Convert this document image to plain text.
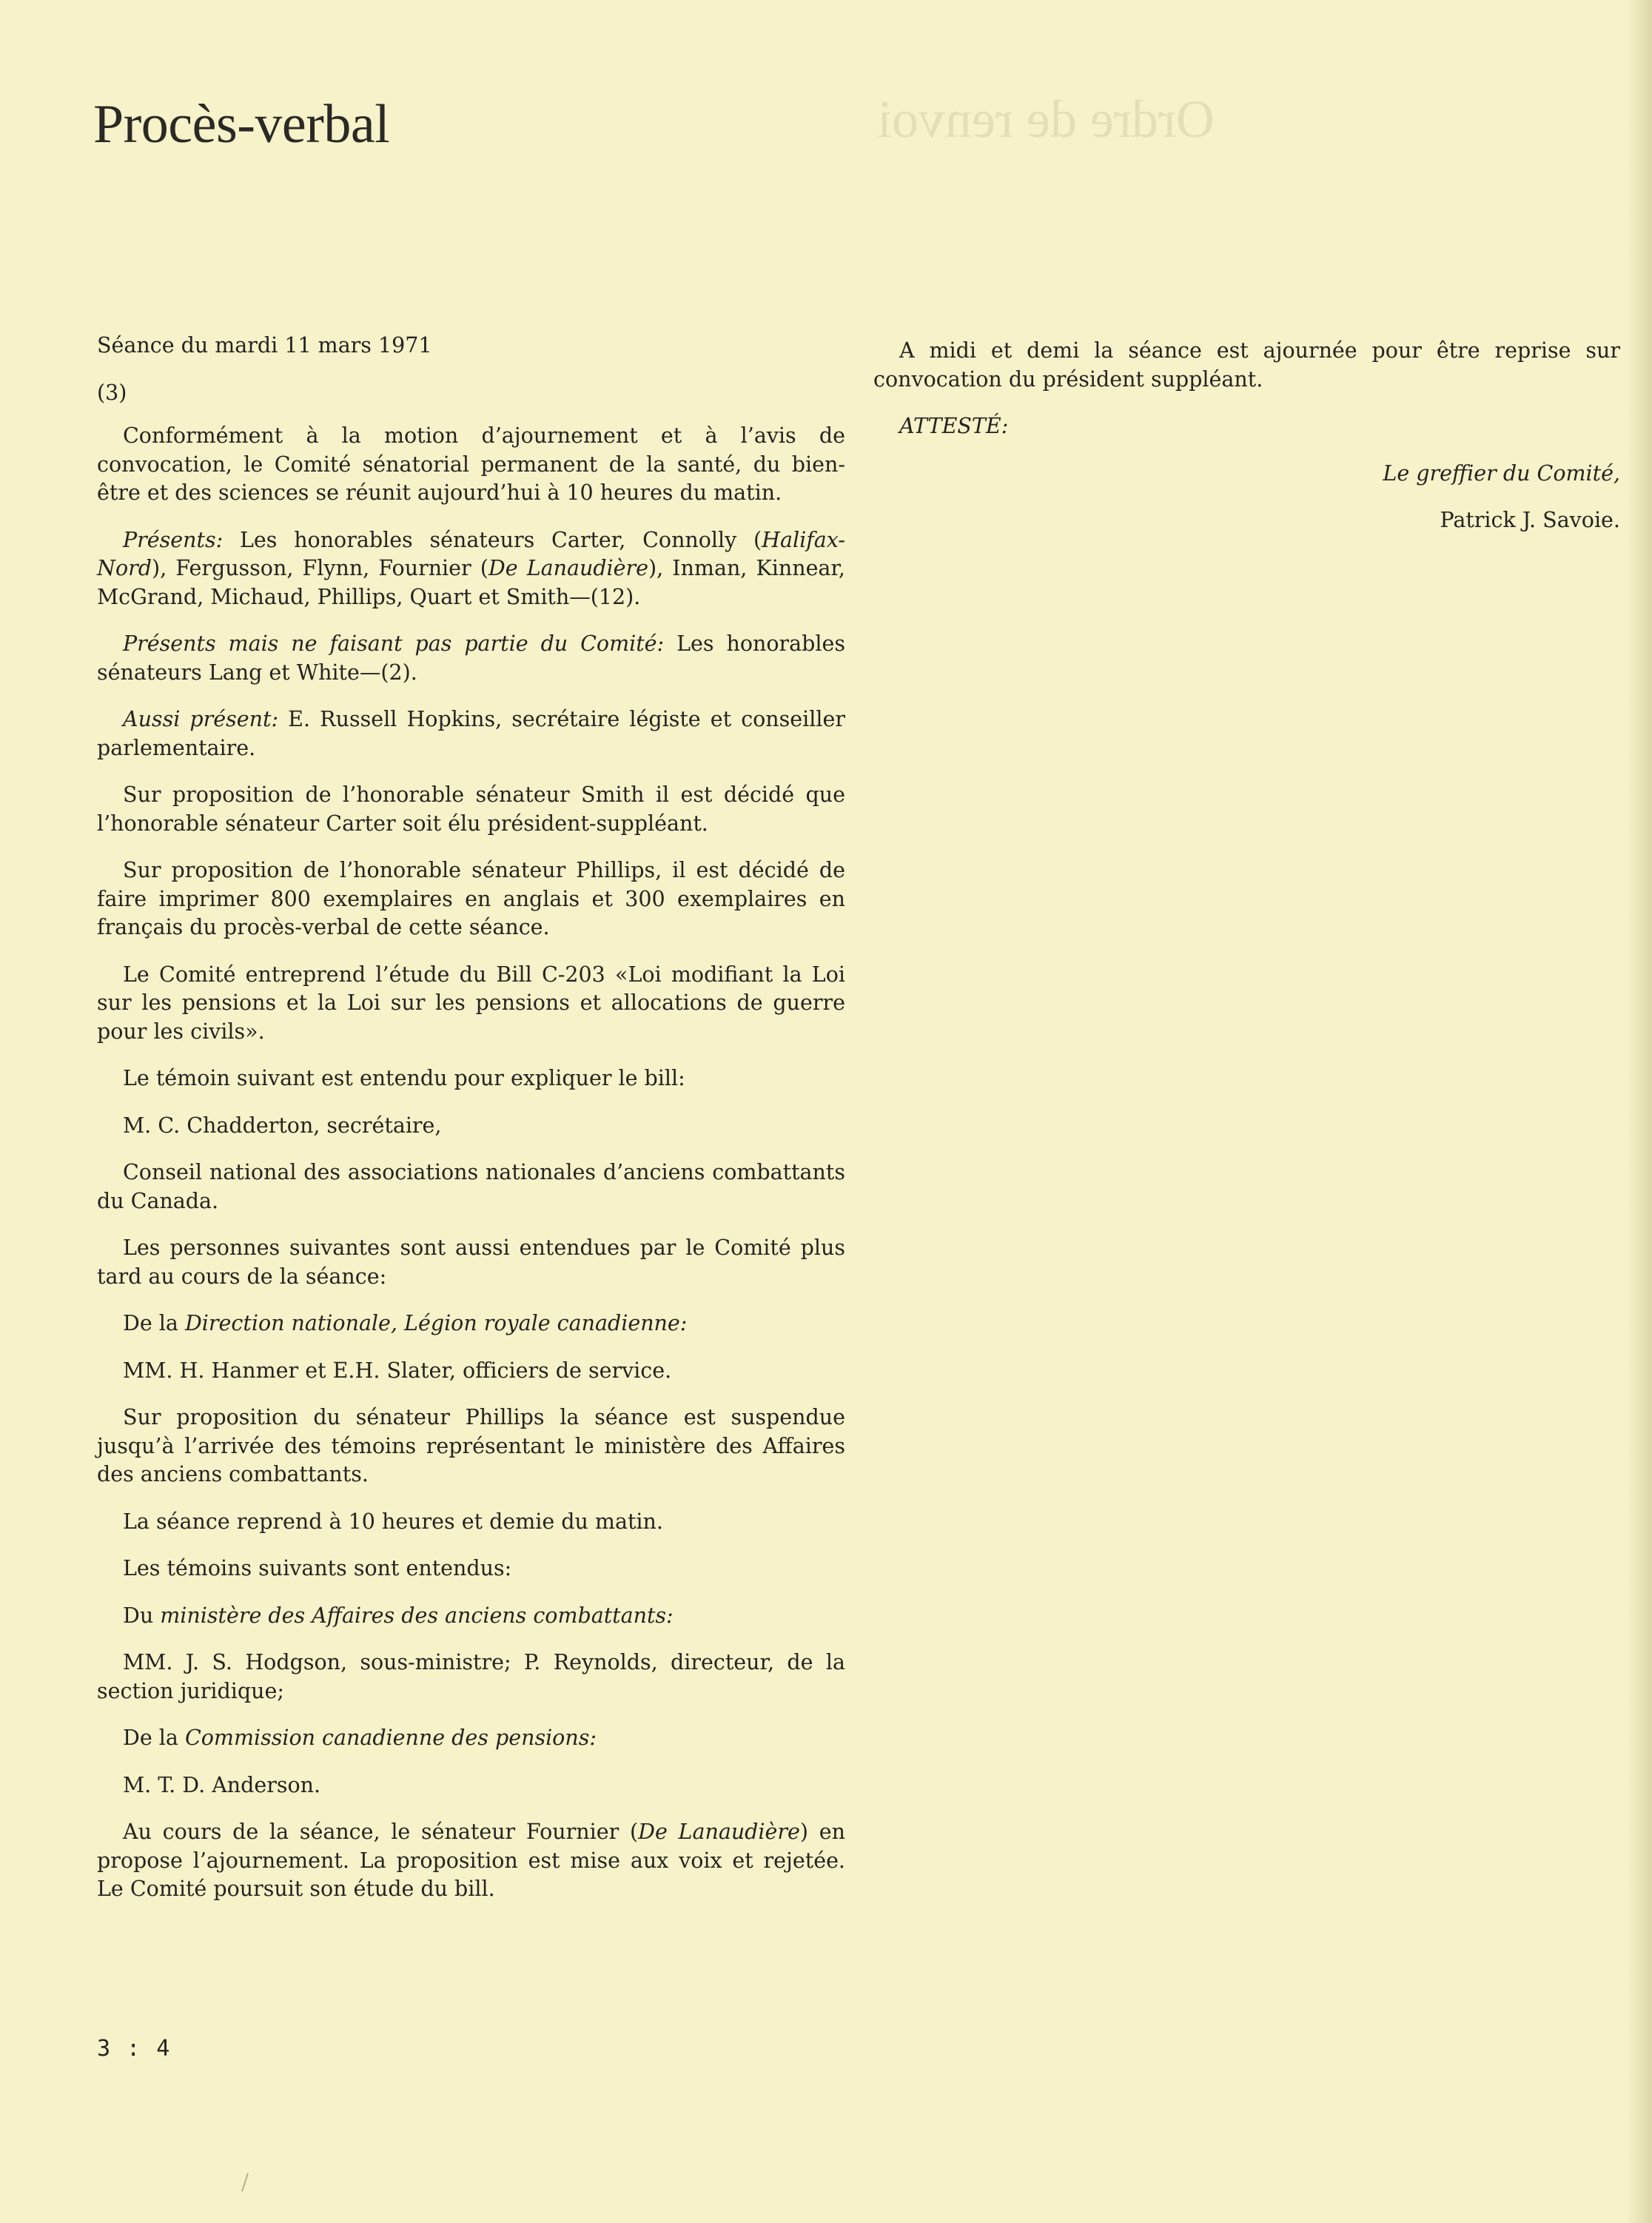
Ordre de renvoi
Procès-verbal

Séance du mardi 11 mars 1971

(3)

Conformément à la motion d’ajournement et à l’avis de convocation, le Comité sénatorial permanent de la santé, du bien-être et des sciences se réunit aujourd’hui à 10 heures du matin.

Présents: Les honorables sénateurs Carter, Connolly (Halifax-Nord), Fergusson, Flynn, Fournier (De Lanaudière), Inman, Kinnear, McGrand, Michaud, Phillips, Quart et Smith—(12).

Présents mais ne faisant pas partie du Comité: Les honorables sénateurs Lang et White—(2).

Aussi présent: E. Russell Hopkins, secrétaire légiste et conseiller parlementaire.

Sur proposition de l’honorable sénateur Smith il est décidé que l’honorable sénateur Carter soit élu président-suppléant.

Sur proposition de l’honorable sénateur Phillips, il est décidé de faire imprimer 800 exemplaires en anglais et 300 exemplaires en français du procès-verbal de cette séance.

Le Comité entreprend l’étude du Bill C-203 «Loi modifiant la Loi sur les pensions et la Loi sur les pensions et allocations de guerre pour les civils».

Le témoin suivant est entendu pour expliquer le bill:

M. C. Chadderton, secrétaire,

Conseil national des associations nationales d’anciens combattants du Canada.

Les personnes suivantes sont aussi entendues par le Comité plus tard au cours de la séance:

De la Direction nationale, Légion royale canadienne:

MM. H. Hanmer et E.H. Slater, officiers de service.

Sur proposition du sénateur Phillips la séance est suspendue jusqu’à l’arrivée des témoins représentant le ministère des Affaires des anciens combattants.

La séance reprend à 10 heures et demie du matin.

Les témoins suivants sont entendus:

Du ministère des Affaires des anciens combattants:

MM. J. S. Hodgson, sous-ministre; P. Reynolds, directeur, de la section juridique;

De la Commission canadienne des pensions:

M. T. D. Anderson.

Au cours de la séance, le sénateur Fournier (De Lanaudière) en propose l’ajournement. La proposition est mise aux voix et rejetée. Le Comité poursuit son étude du bill.

A midi et demi la séance est ajournée pour être reprise sur convocation du président suppléant.

ATTESTÉ:

Le greffier du Comité,

Patrick J. Savoie.

3 : 4
